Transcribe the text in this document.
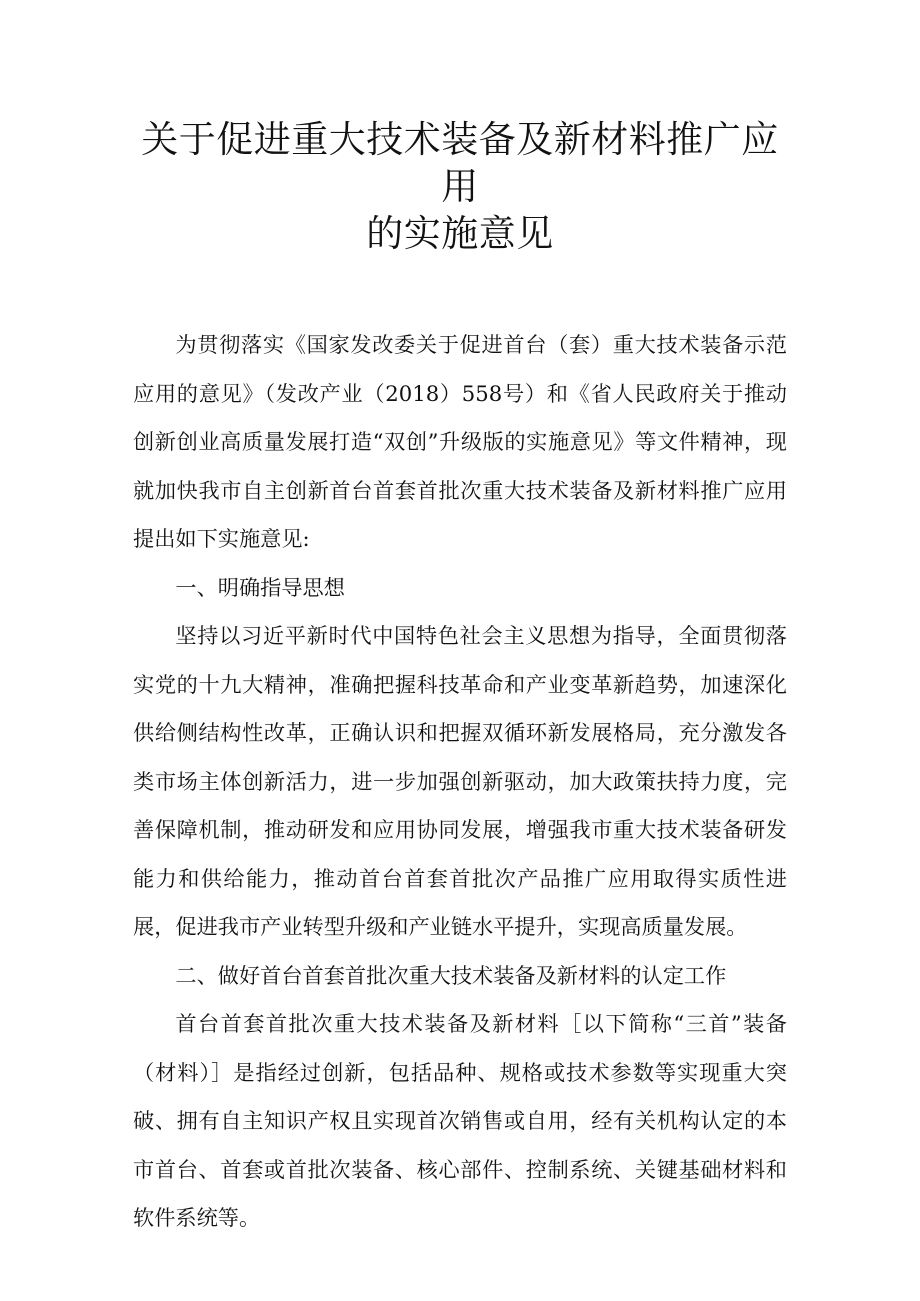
关于促进重大技术装备及新材料推广应用
的实施意见

为贯彻落实《国家发改委关于促进首台（套）重大技术装备示范应用的意见》（发改产业（2018）558号）和《省人民政府关于推动创新创业高质量发展打造“双创”升级版的实施意见》等文件精神，现就加快我市自主创新首台首套首批次重大技术装备及新材料推广应用提出如下实施意见:

一、明确指导思想

坚持以习近平新时代中国特色社会主义思想为指导，全面贯彻落实党的十九大精神，准确把握科技革命和产业变革新趋势，加速深化供给侧结构性改革，正确认识和把握双循环新发展格局，充分激发各类市场主体创新活力，进一步加强创新驱动，加大政策扶持力度，完善保障机制，推动研发和应用协同发展，增强我市重大技术装备研发能力和供给能力，推动首台首套首批次产品推广应用取得实质性进展，促进我市产业转型升级和产业链水平提升，实现高质量发展。

二、做好首台首套首批次重大技术装备及新材料的认定工作

首台首套首批次重大技术装备及新材料［以下简称“三首”装备（材料）］是指经过创新，包括品种、规格或技术参数等实现重大突破、拥有自主知识产权且实现首次销售或自用，经有关机构认定的本市首台、首套或首批次装备、核心部件、控制系统、关键基础材料和软件系统等。
